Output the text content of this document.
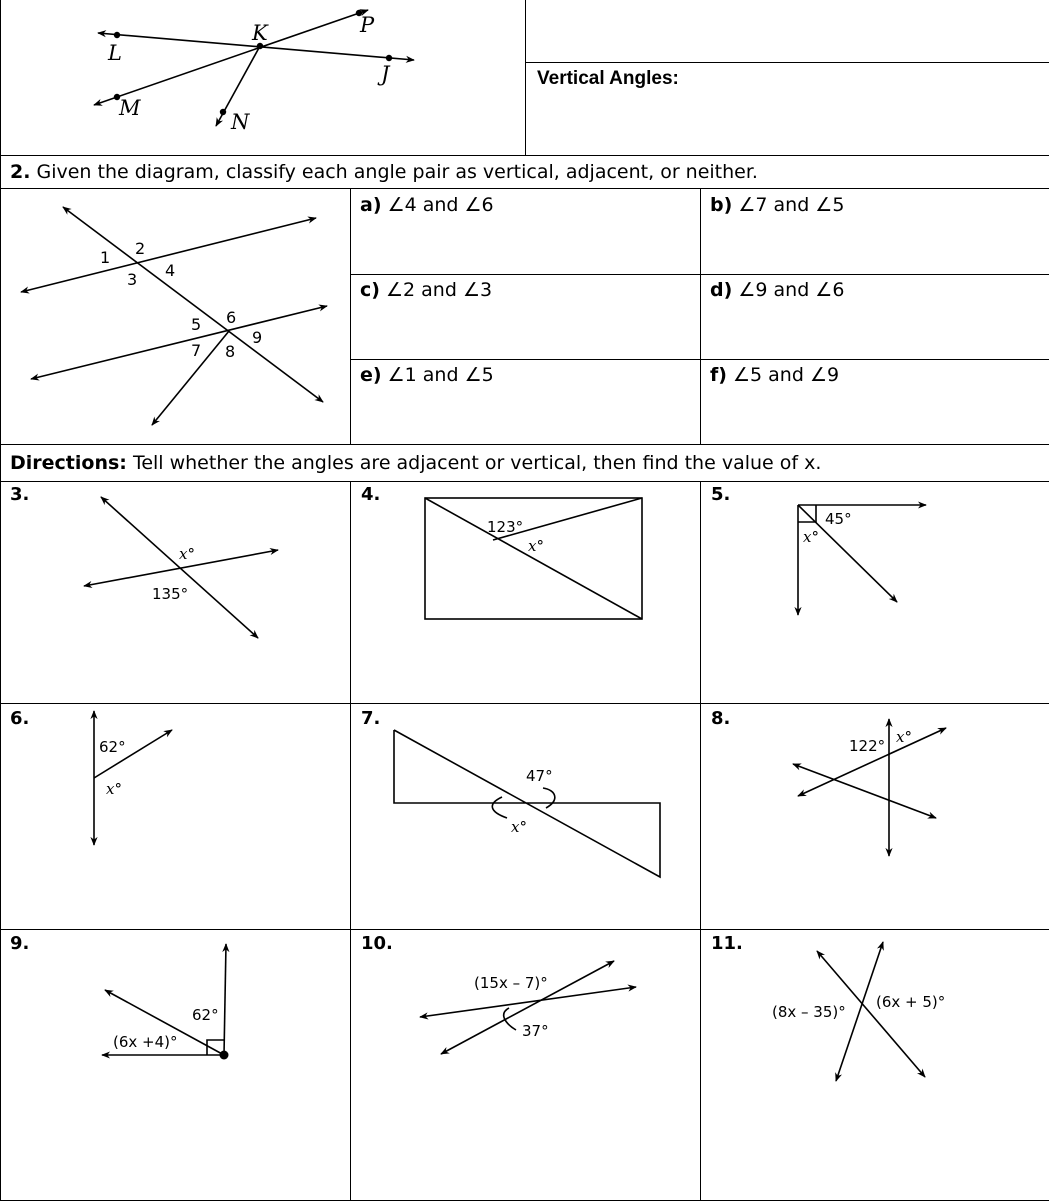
Vertical Angles:
2. Given the diagram, classify each angle pair as vertical, adjacent, or neither.
a) ∠4 and ∠6	b) ∠7 and ∠5
c) ∠2 and ∠3	d) ∠9 and ∠6
e) ∠1 and ∠5	f) ∠5 and ∠9
Directions: Tell whether the angles are adjacent or vertical, then find the value of x.
3.	4.	5.
6.	7.	8.
9.	10.	11.
L
K	P
J
M
N
1 2
3 4
5 6
7 8
9
x°
135°
123°
x°
45°
x°
62°
x°
47°
x°
122° x°
62°
(6x +4)°
(15x – 7)°
37°
(8x – 35)°
(6x + 5)°
